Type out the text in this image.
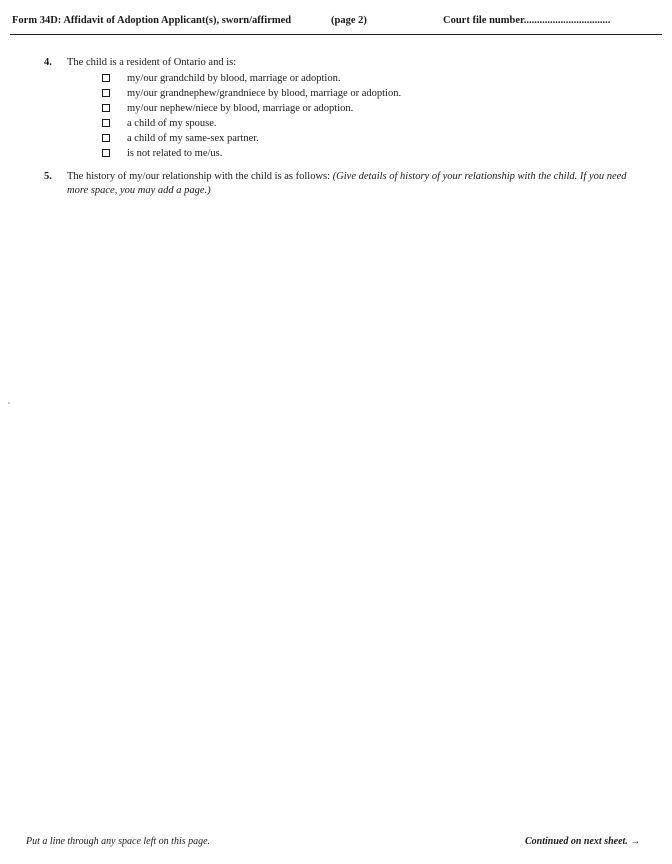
Form 34D: Affidavit of Adoption Applicant(s), sworn/affirmed	(page 2)	Court file number.................................
4. The child is a resident of Ontario and is:
my/our grandchild by blood, marriage or adoption.
my/our grandnephew/grandniece by blood, marriage or adoption.
my/our nephew/niece by blood, marriage or adoption.
a child of my spouse.
a child of my same-sex partner.
is not related to me/us.
5. The history of my/our relationship with the child is as follows: (Give details of history of your relationship with the child. If you need more space, you may add a page.)
Put a line through any space left on this page.	Continued on next sheet. →
